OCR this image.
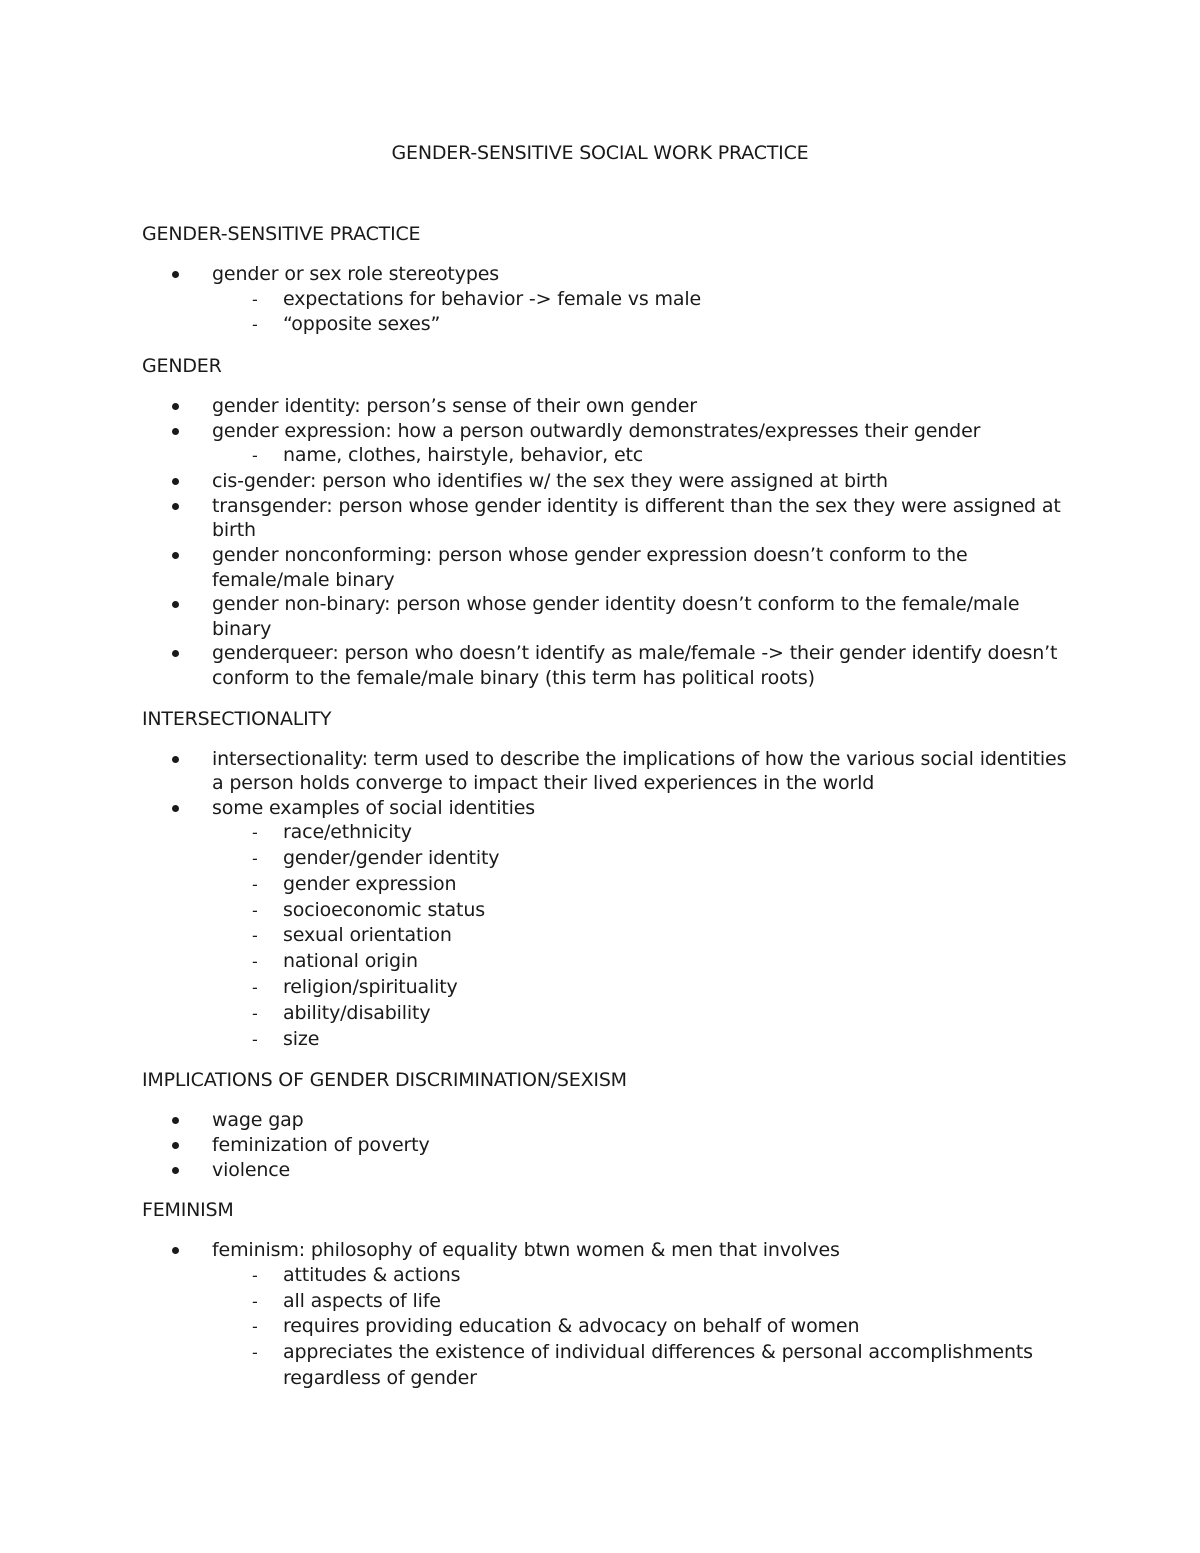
GENDER-SENSITIVE SOCIAL WORK PRACTICE
GENDER-SENSITIVE PRACTICE
gender or sex role stereotypes
- expectations for behavior -> female vs male
- “opposite sexes”
GENDER
gender identity: person’s sense of their own gender
gender expression: how a person outwardly demonstrates/expresses their gender
- name, clothes, hairstyle, behavior, etc
cis-gender: person who identifies w/ the sex they were assigned at birth
transgender: person whose gender identity is different than the sex they were assigned at birth
gender nonconforming: person whose gender expression doesn’t conform to the female/male binary
gender non-binary: person whose gender identity doesn’t conform to the female/male binary
genderqueer: person who doesn’t identify as male/female -> their gender identify doesn’t conform to the female/male binary (this term has political roots)
INTERSECTIONALITY
intersectionality: term used to describe the implications of how the various social identities a person holds converge to impact their lived experiences in the world
some examples of social identities
- race/ethnicity
- gender/gender identity
- gender expression
- socioeconomic status
- sexual orientation
- national origin
- religion/spirituality
- ability/disability
- size
IMPLICATIONS OF GENDER DISCRIMINATION/SEXISM
wage gap
feminization of poverty
violence
FEMINISM
feminism: philosophy of equality btwn women & men that involves
- attitudes & actions
- all aspects of life
- requires providing education & advocacy on behalf of women
- appreciates the existence of individual differences & personal accomplishments regardless of gender
